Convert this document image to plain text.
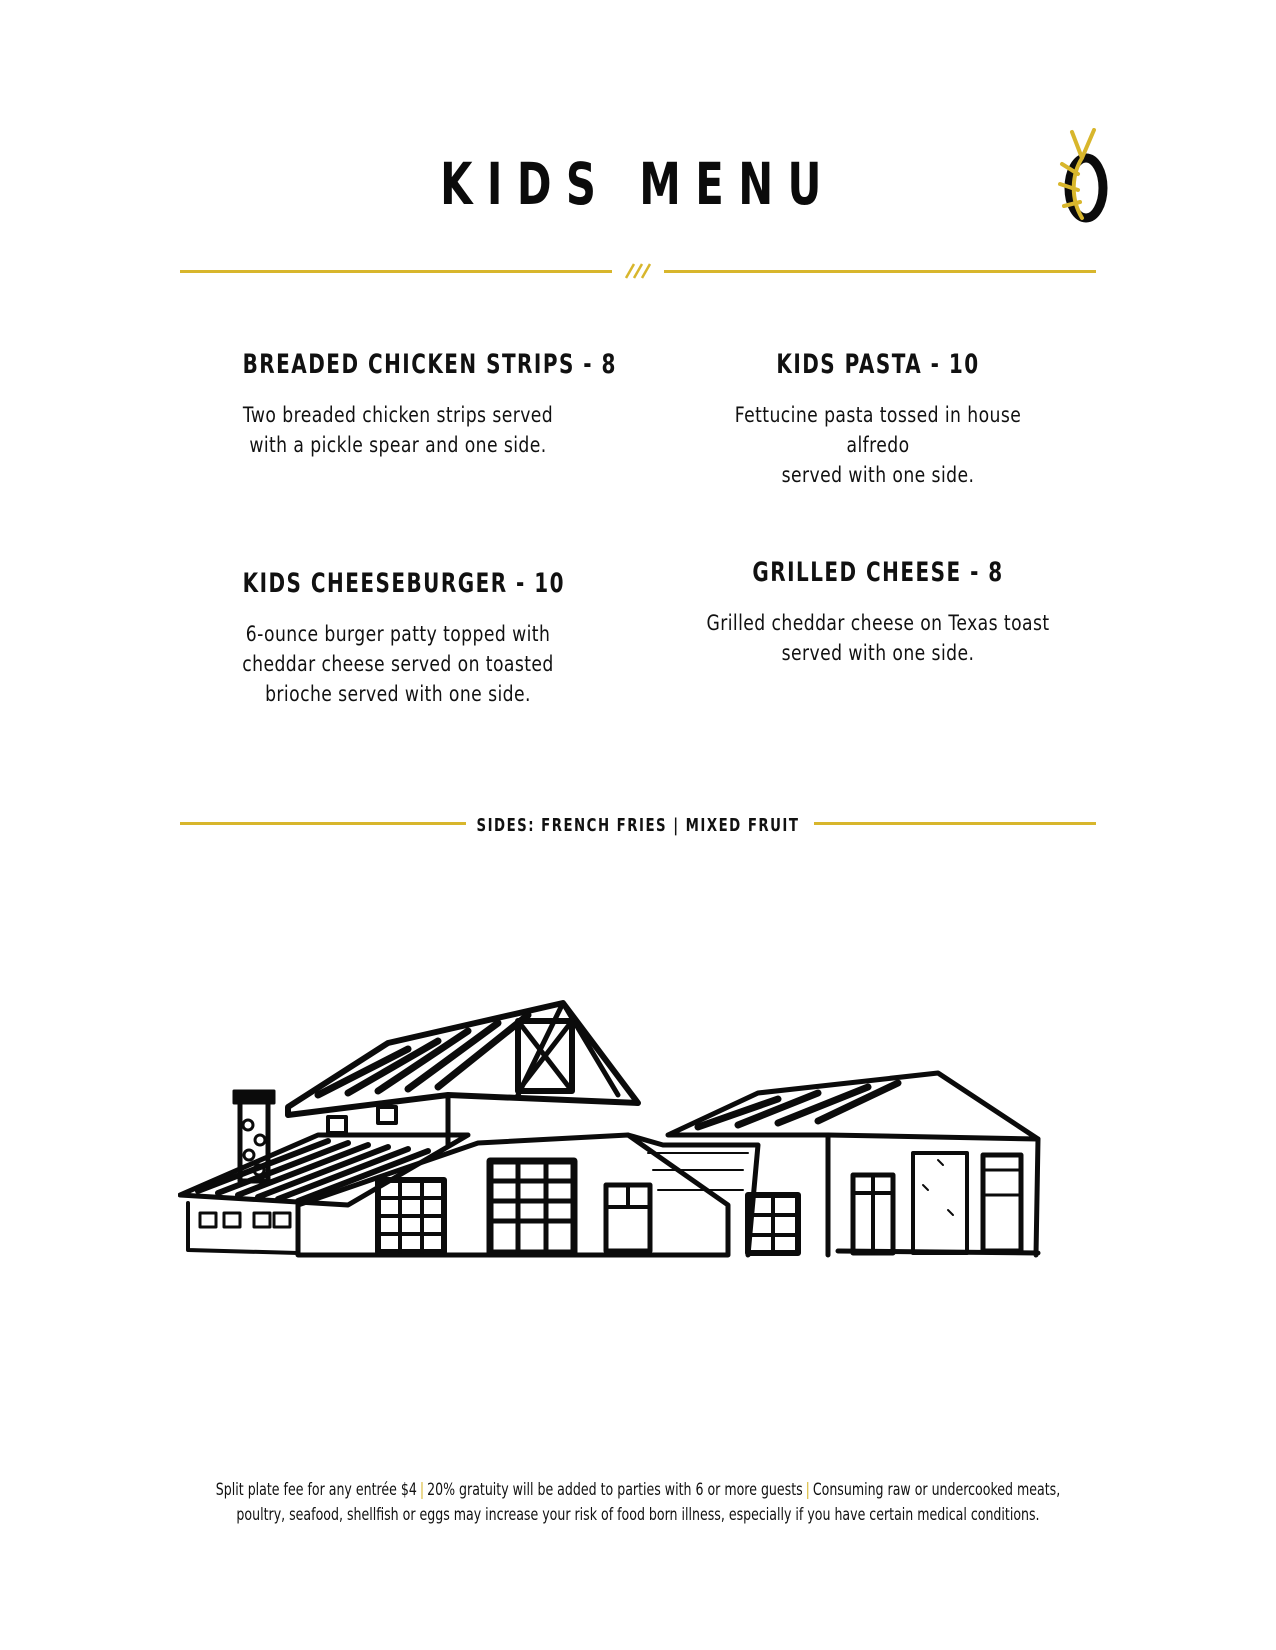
KIDS MENU
BREADED CHICKEN STRIPS - 8
Two breaded chicken strips served
with a pickle spear and one side.
KIDS PASTA - 10
Fettucine pasta tossed in house alfredo
served with one side.
KIDS CHEESEBURGER - 10
6-ounce burger patty topped with
cheddar cheese served on toasted
brioche served with one side.
GRILLED CHEESE - 8
Grilled cheddar cheese on Texas toast
served with one side.
SIDES: FRENCH FRIES | MIXED FRUIT
Split plate fee for any entrée $4 | 20% gratuity will be added to parties with 6 or more guests | Consuming raw or undercooked meats,
poultry, seafood, shellfish or eggs may increase your risk of food born illness, especially if you have certain medical conditions.
